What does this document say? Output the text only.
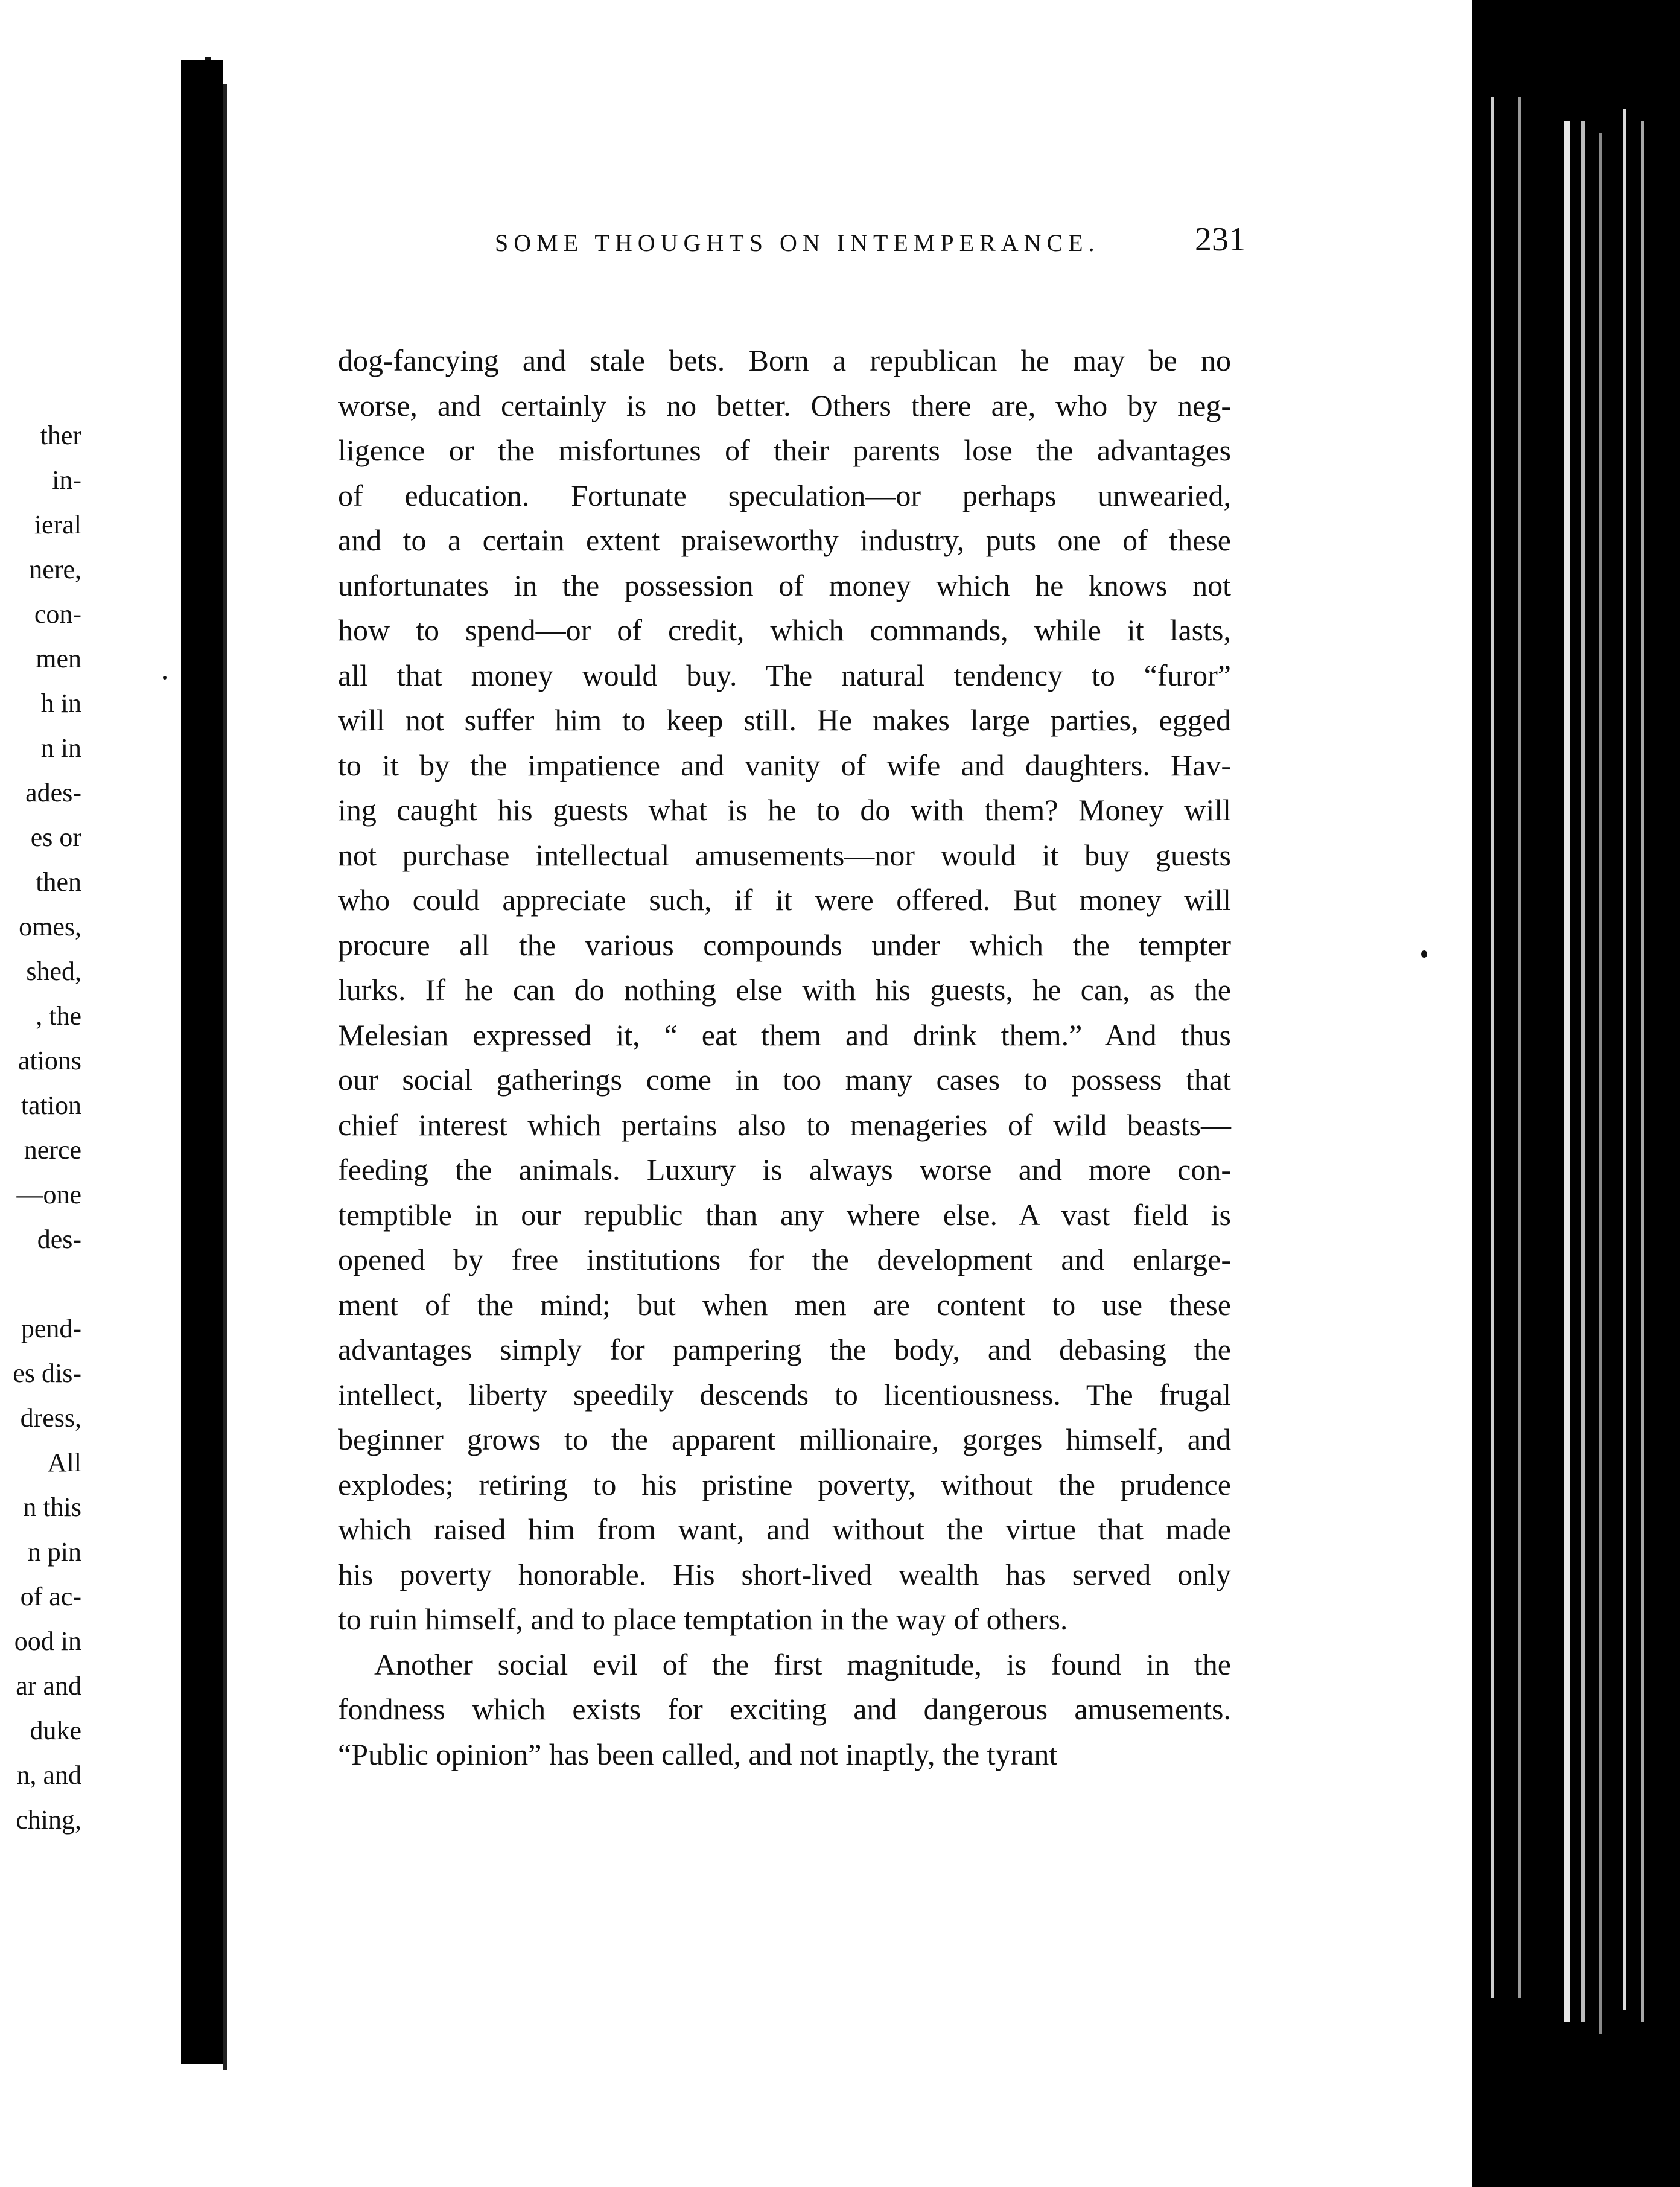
ther
in-
ieral
nere,
con-
men
h in
n in
ades-
es or
then
omes,
shed,
, the
ations
tation
nerce
—one
des-
pend-
es dis-
dress,
All
n this
n pin
of ac-
ood in
ar and
duke
n, and
ching,
SOME THOUGHTS ON INTEMPERANCE.	231
dog-fancying and stale bets. Born a republican he may be no
worse, and certainly is no better. Others there are, who by neg-
ligence or the misfortunes of their parents lose the advantages
of education. Fortunate speculation—or perhaps unwearied,
and to a certain extent praiseworthy industry, puts one of these
unfortunates in the possession of money which he knows not
how to spend—or of credit, which commands, while it lasts,
all that money would buy. The natural tendency to “furor”
will not suffer him to keep still. He makes large parties, egged
to it by the impatience and vanity of wife and daughters. Hav-
ing caught his guests what is he to do with them? Money will
not purchase intellectual amusements—nor would it buy guests
who could appreciate such, if it were offered. But money will
procure all the various compounds under which the tempter
lurks. If he can do nothing else with his guests, he can, as the
Melesian expressed it, “ eat them and drink them.” And thus
our social gatherings come in too many cases to possess that
chief interest which pertains also to menageries of wild beasts—
feeding the animals. Luxury is always worse and more con-
temptible in our republic than any where else. A vast field is
opened by free institutions for the development and enlarge-
ment of the mind; but when men are content to use these
advantages simply for pampering the body, and debasing the
intellect, liberty speedily descends to licentiousness. The frugal
beginner grows to the apparent millionaire, gorges himself, and
explodes; retiring to his pristine poverty, without the prudence
which raised him from want, and without the virtue that made
his poverty honorable. His short-lived wealth has served only
to ruin himself, and to place temptation in the way of others.
Another social evil of the first magnitude, is found in the
fondness which exists for exciting and dangerous amusements.
“Public opinion” has been called, and not inaptly, the tyrant
